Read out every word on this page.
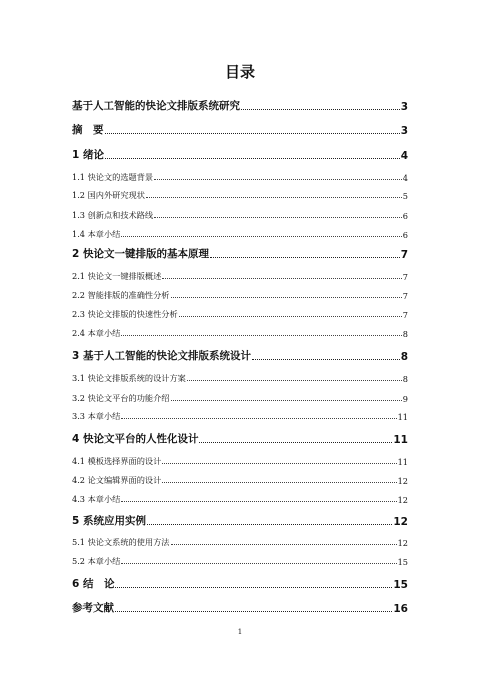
目录
基于人工智能的快论文排版系统研究	3
摘　要	3
1 绪论	4
1.1 快论文的选题背景	4
1.2 国内外研究现状	5
1.3 创新点和技术路线	6
1.4 本章小结	6
2 快论文一键排版的基本原理	7
2.1 快论文一键排版概述	7
2.2 智能排版的准确性分析	7
2.3 快论文排版的快速性分析	7
2.4 本章小结	8
3 基于人工智能的快论文排版系统设计	8
3.1 快论文排版系统的设计方案	8
3.2 快论文平台的功能介绍	9
3.3 本章小结	11
4 快论文平台的人性化设计	11
4.1 模板选择界面的设计	11
4.2 论文编辑界面的设计	12
4.3 本章小结	12
5 系统应用实例	12
5.1 快论文系统的使用方法	12
5.2 本章小结	15
6 结　论	15
参考文献	16
1
